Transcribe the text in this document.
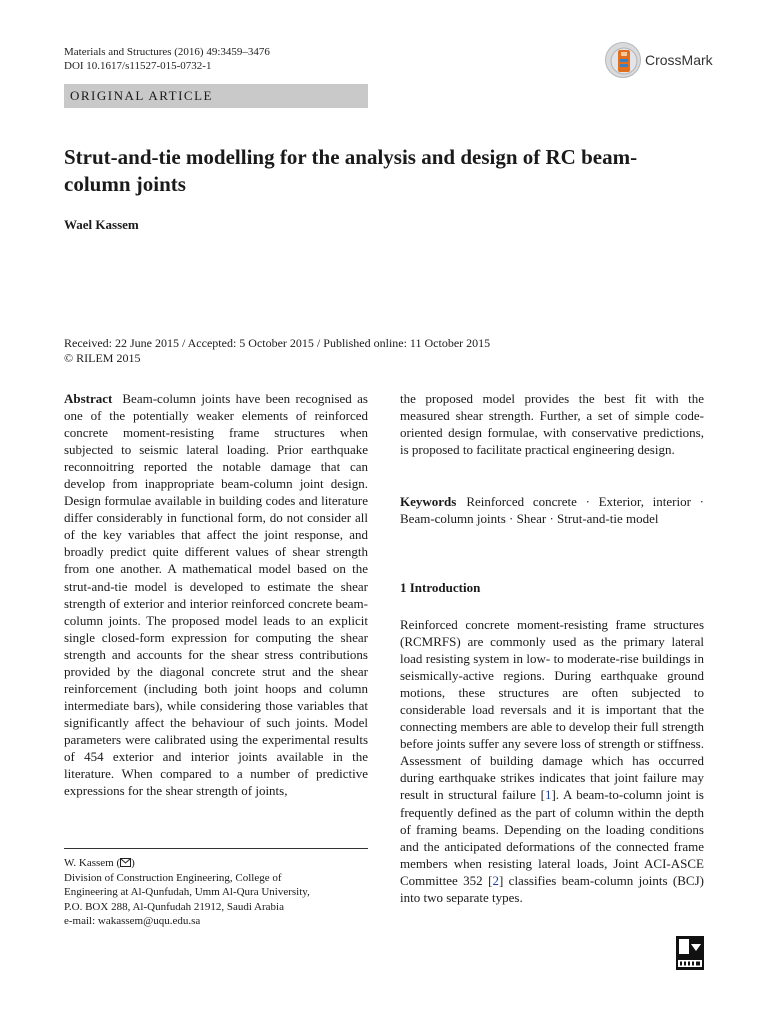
Materials and Structures (2016) 49:3459–3476
DOI 10.1617/s11527-015-0732-1	CrossMark
ORIGINAL ARTICLE
Strut-and-tie modelling for the analysis and design of RC beam-column joints
Wael Kassem
Received: 22 June 2015 / Accepted: 5 October 2015 / Published online: 11 October 2015
© RILEM 2015
Abstract Beam-column joints have been recognised as one of the potentially weaker elements of reinforced concrete moment-resisting frame structures when subjected to seismic lateral loading. Prior earthquake reconnoitring reported the notable damage that can develop from inappropriate beam-column joint design. Design formulae available in building codes and literature differ considerably in functional form, do not consider all of the key variables that affect the joint response, and broadly predict quite different values of shear strength from one another. A mathematical model based on the strut-and-tie model is developed to estimate the shear strength of exterior and interior reinforced concrete beam-column joints. The proposed model leads to an explicit single closed-form expression for computing the shear strength and accounts for the shear stress contributions provided by the diagonal concrete strut and the shear reinforcement (including both joint hoops and column intermediate bars), while considering those variables that significantly affect the behaviour of such joints. Model parameters were calibrated using the experimental results of 454 exterior and interior joints available in the literature. When compared to a number of predictive expressions for the shear strength of joints,
the proposed model provides the best fit with the measured shear strength. Further, a set of simple code-oriented design formulae, with conservative predictions, is proposed to facilitate practical engineering design.
Keywords Reinforced concrete · Exterior, interior · Beam-column joints · Shear · Strut-and-tie model
1 Introduction
Reinforced concrete moment-resisting frame structures (RCMRFS) are commonly used as the primary lateral load resisting system in low- to moderate-rise buildings in seismically-active regions. During earthquake ground motions, these structures are often subjected to considerable load reversals and it is important that the connecting members are able to develop their full strength before joints suffer any severe loss of strength or stiffness. Assessment of building damage which has occurred during earthquake strikes indicates that joint failure may result in structural failure [1]. A beam-to-column joint is frequently defined as the part of column within the depth of framing beams. Depending on the loading conditions and the anticipated deformations of the connected frame members when resisting lateral loads, Joint ACI-ASCE Committee 352 [2] classifies beam-column joints (BCJ) into two separate types.
W. Kassem ( )
Division of Construction Engineering, College of
Engineering at Al-Qunfudah, Umm Al-Qura University,
P.O. BOX 288, Al-Qunfudah 21912, Saudi Arabia
e-mail: wakassem@uqu.edu.sa
